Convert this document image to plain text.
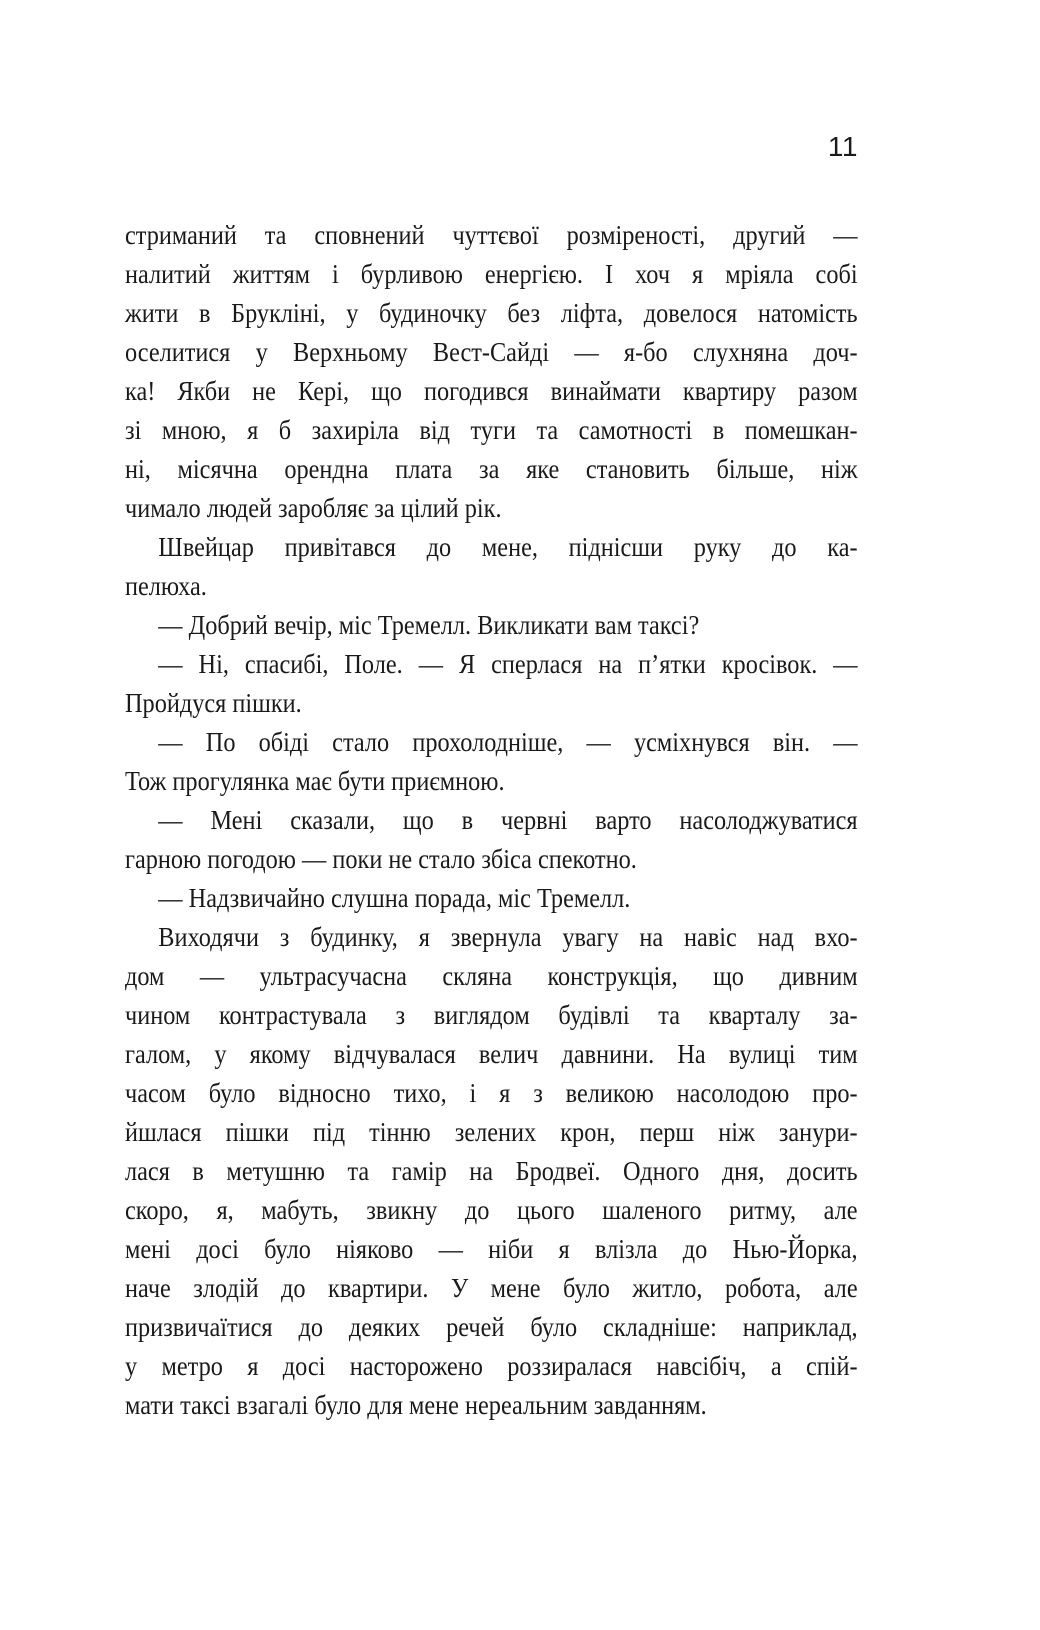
11
стриманий та сповнений чуттєвої розміреності, другий —
налитий життям і бурливою енергією. І хоч я мріяла собі
жити в Брукліні, у будиночку без ліфта, довелося натомість
оселитися у Верхньому Вест-Сайді — я-бо слухняна доч-
ка! Якби не Кері, що погодився винаймати квартиру разом
зі мною, я б захиріла від туги та самотності в помешкан-
ні, місячна орендна плата за яке становить більше, ніж
чимало людей заробляє за цілий рік.
Швейцар привітався до мене, піднісши руку до ка-
пелюха.
— Добрий вечір, міс Тремелл. Викликати вам таксі?
— Ні, спасибі, Поле. — Я сперлася на п’ятки кросівок. —
Пройдуся пішки.
— По обіді стало прохолодніше, — усміхнувся він. —
Тож прогулянка має бути приємною.
— Мені сказали, що в червні варто насолоджуватися
гарною погодою — поки не стало збіса спекотно.
— Надзвичайно слушна порада, міс Тремелл.
Виходячи з будинку, я звернула увагу на навіс над вхо-
дом — ультрасучасна скляна конструкція, що дивним
чином контрастувала з виглядом будівлі та кварталу за-
галом, у якому відчувалася велич давнини. На вулиці тим
часом було відносно тихо, і я з великою насолодою про-
йшлася пішки під тінню зелених крон, перш ніж занури-
лася в метушню та гамір на Бродвеї. Одного дня, досить
скоро, я, мабуть, звикну до цього шаленого ритму, але
мені досі було ніяково — ніби я влізла до Нью-Йорка,
наче злодій до квартири. У мене було житло, робота, але
призвичаїтися до деяких речей було складніше: наприклад,
у метро я досі насторожено роззиралася навсібіч, а спій-
мати таксі взагалі було для мене нереальним завданням.
